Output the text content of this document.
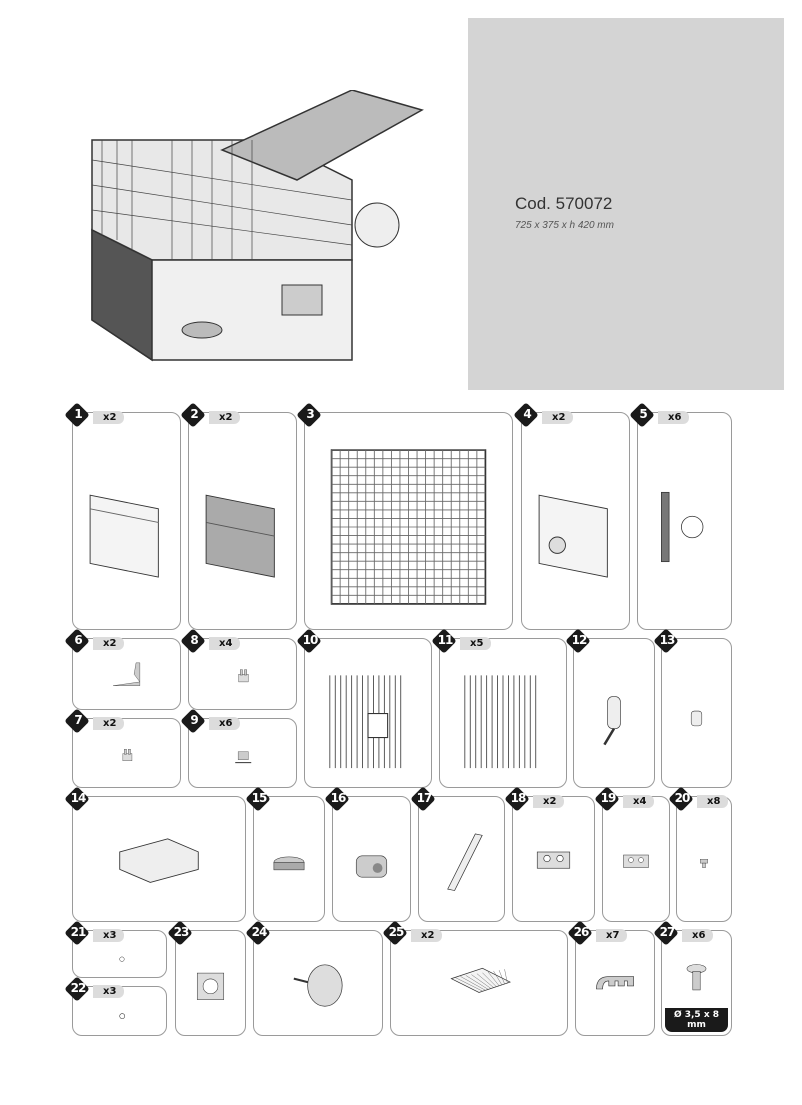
Cod. 570072
725 x 375 x h 420 mm
1	x2	2	x2	3	4	x2	5	x6
6	x2	8	x4
7	x2	9	x6
10	11	x5	12	13
14	15	16	17	18	x2	19	x4	20	x8
21	x3
22	x3
23	24	25	x2	26	x7	27	x6
Ø 3,5 x 8 mm
